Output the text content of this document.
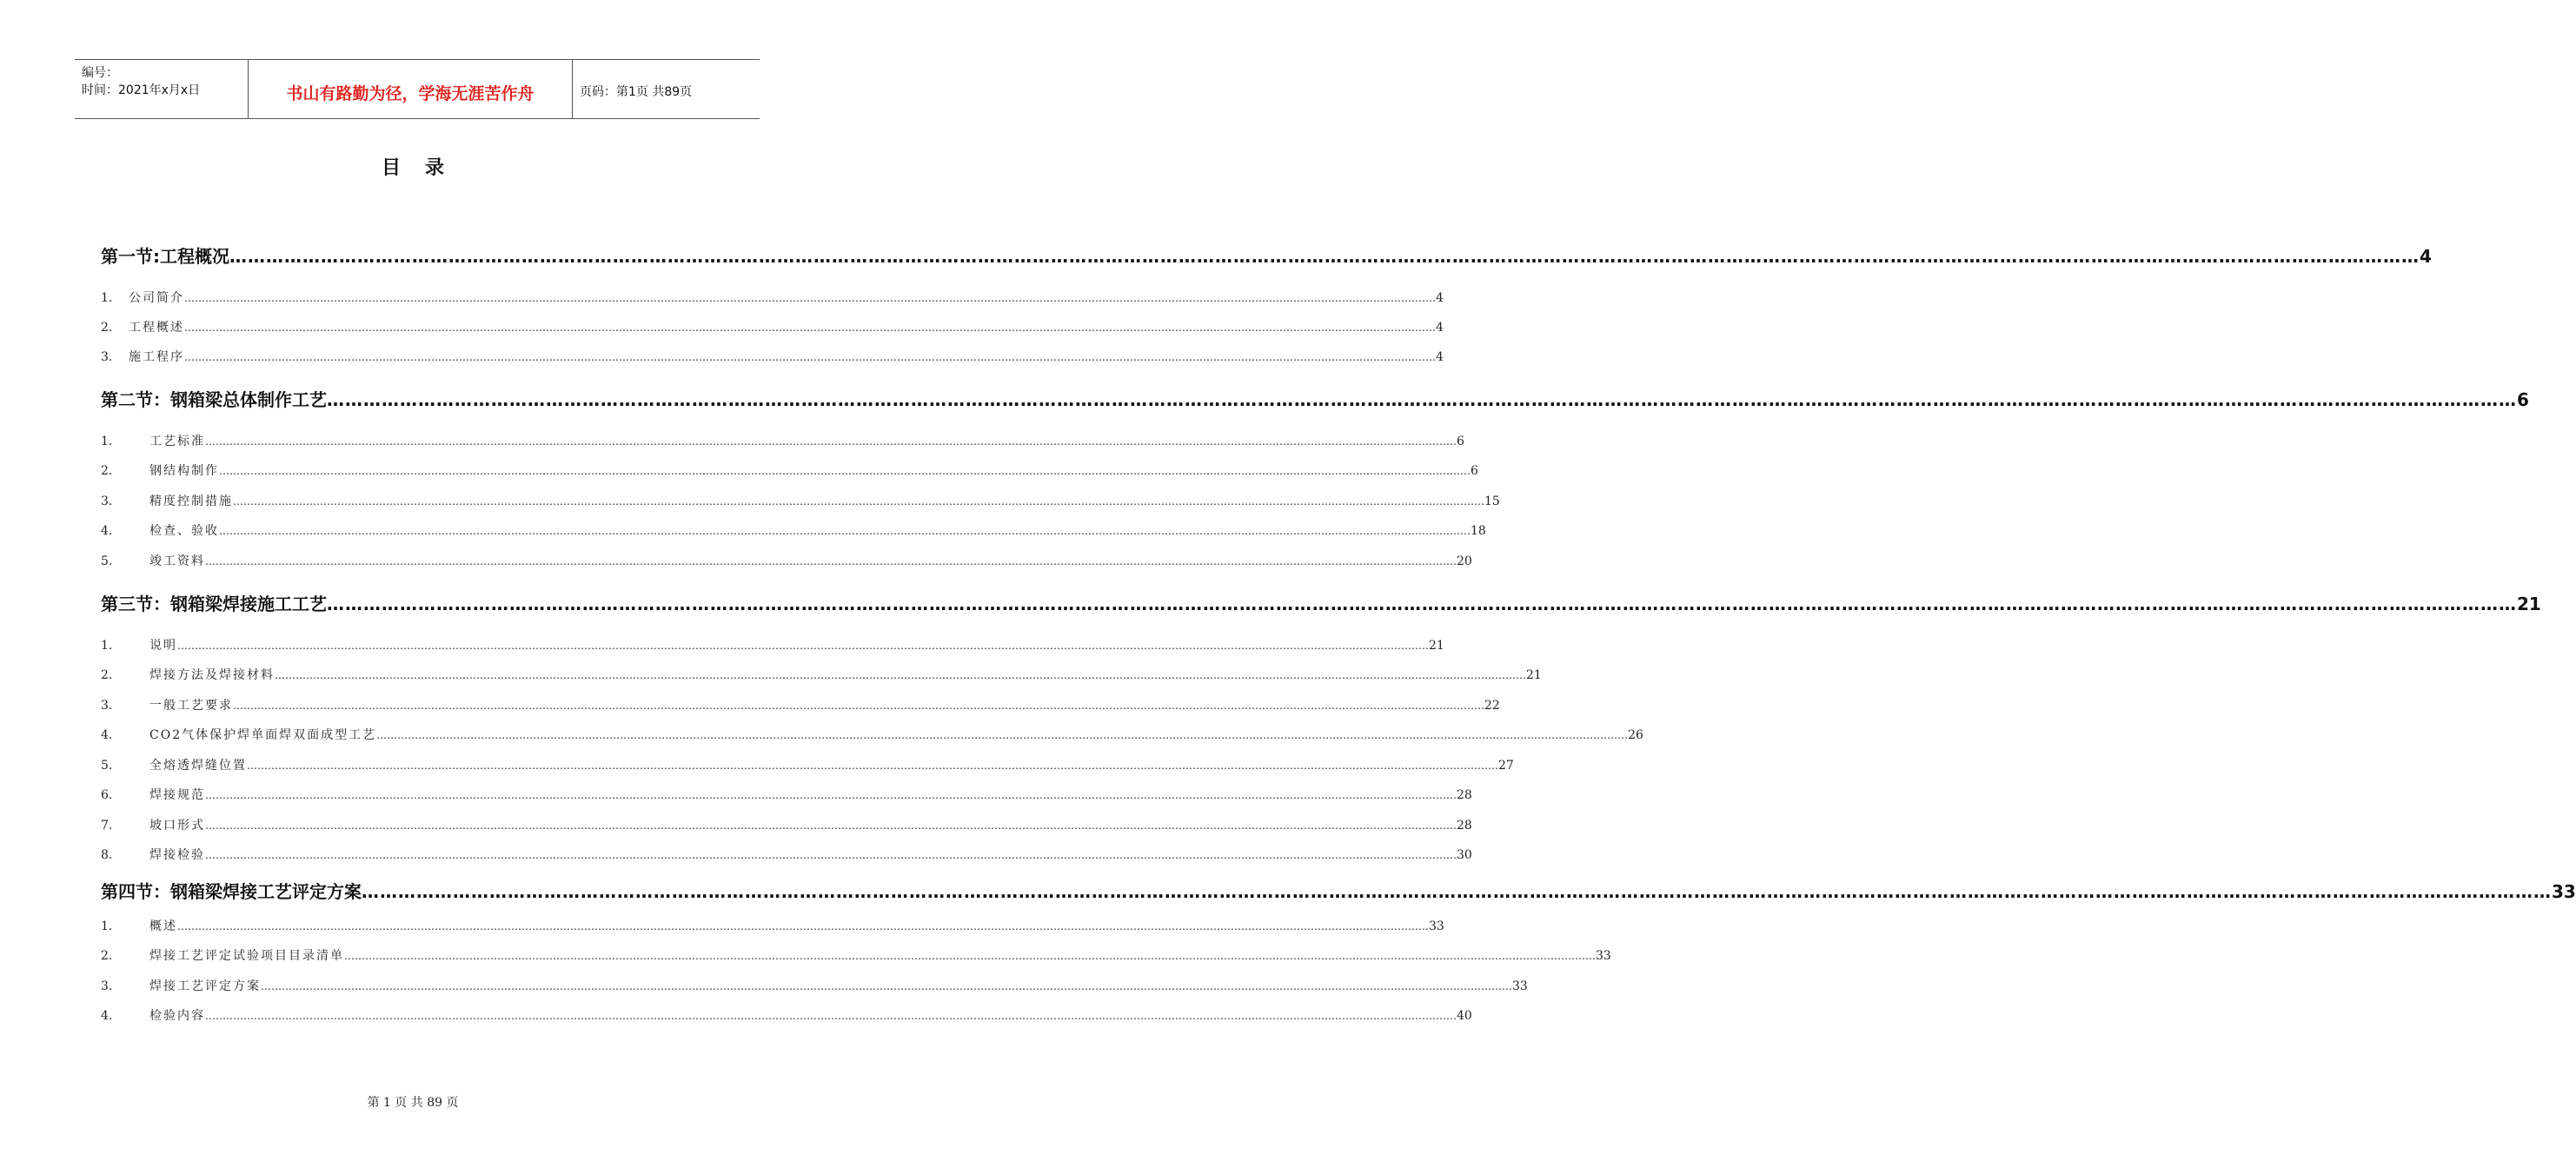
编号：
时间：2021年x月x日	书山有路勤为径，学海无涯苦作舟	页码：第1页 共89页
目录
第一节:工程概况 ……………………………………………………………………………………………………………………………………………………………………………………………………………………………………………………………………………………………………………………………… 4
1.	公司简介 ……………………………………………………………………………………………………………………………………………………………………………………………………………………………………………………………………………………………………………………………… 4
2.	工程概述 ……………………………………………………………………………………………………………………………………………………………………………………………………………………………………………………………………………………………………………………………… 4
3.	施工程序 ……………………………………………………………………………………………………………………………………………………………………………………………………………………………………………………………………………………………………………………………… 4
第二节：钢箱梁总体制作工艺 ……………………………………………………………………………………………………………………………………………………………………………………………………………………………………………………………………………………………………………………………… 6
1.	工艺标准 ……………………………………………………………………………………………………………………………………………………………………………………………………………………………………………………………………………………………………………………………… 6
2.	钢结构制作 ……………………………………………………………………………………………………………………………………………………………………………………………………………………………………………………………………………………………………………………………… 6
3.	精度控制措施 ……………………………………………………………………………………………………………………………………………………………………………………………………………………………………………………………………………………………………………………………… 15
4.	检查、验收 ……………………………………………………………………………………………………………………………………………………………………………………………………………………………………………………………………………………………………………………………… 18
5.	竣工资料 ……………………………………………………………………………………………………………………………………………………………………………………………………………………………………………………………………………………………………………………………… 20
第三节：钢箱梁焊接施工工艺 ……………………………………………………………………………………………………………………………………………………………………………………………………………………………………………………………………………………………………………………………… 21
1.	说明 ……………………………………………………………………………………………………………………………………………………………………………………………………………………………………………………………………………………………………………………………… 21
2.	焊接方法及焊接材料 ……………………………………………………………………………………………………………………………………………………………………………………………………………………………………………………………………………………………………………………………… 21
3.	一般工艺要求 ……………………………………………………………………………………………………………………………………………………………………………………………………………………………………………………………………………………………………………………………… 22
4.	CO2气体保护焊单面焊双面成型工艺 ……………………………………………………………………………………………………………………………………………………………………………………………………………………………………………………………………………………………………………………………… 26
5.	全熔透焊缝位置 ……………………………………………………………………………………………………………………………………………………………………………………………………………………………………………………………………………………………………………………………… 27
6.	焊接规范 ……………………………………………………………………………………………………………………………………………………………………………………………………………………………………………………………………………………………………………………………… 28
7.	坡口形式 ……………………………………………………………………………………………………………………………………………………………………………………………………………………………………………………………………………………………………………………………… 28
8.	焊接检验 ……………………………………………………………………………………………………………………………………………………………………………………………………………………………………………………………………………………………………………………………… 30
第四节：钢箱梁焊接工艺评定方案 ……………………………………………………………………………………………………………………………………………………………………………………………………………………………………………………………………………………………………………………………… 33
1.	概述 ……………………………………………………………………………………………………………………………………………………………………………………………………………………………………………………………………………………………………………………………… 33
2.	焊接工艺评定试验项目目录清单 ……………………………………………………………………………………………………………………………………………………………………………………………………………………………………………………………………………………………………………………………… 33
3.	焊接工艺评定方案 ……………………………………………………………………………………………………………………………………………………………………………………………………………………………………………………………………………………………………………………………… 33
4.	检验内容 ……………………………………………………………………………………………………………………………………………………………………………………………………………………………………………………………………………………………………………………………… 40
第 1 页 共 89 页
